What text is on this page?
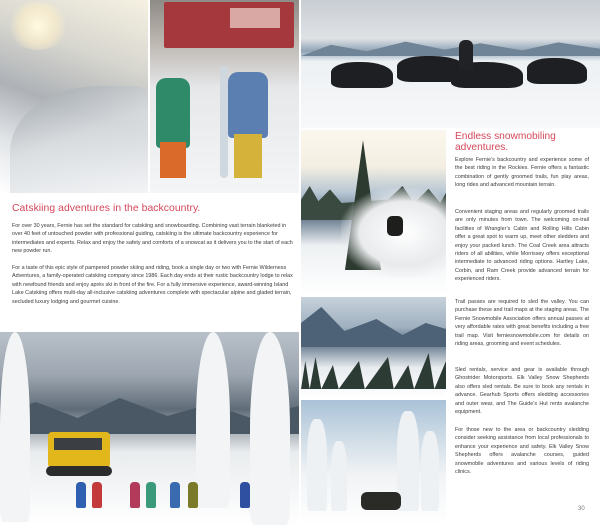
Catskiing adventures in the backcountry.

For over 30 years, Fernie has set the standard for catskiing and snowboarding. Combining vast terrain blanketed in over 40 feet of untouched powder with professional guiding, catskiing is the ultimate backcountry experience for intermediates and experts. Relax and enjoy the safety and comforts of a snowcat as it delivers you to the start of each new powder run.

For a taste of this epic style of pampered powder skiing and riding, book a single day or two with Fernie Wilderness Adventures, a family-operated catskiing company since 1986. Each day ends at their rustic backcountry lodge to relax with newfound friends and enjoy après ski in front of the fire. For a fully immersive experience, award-winning Island Lake Catskiing offers multi-day all-inclusive catskiing adventures complete with spectacular alpine and gladed terrain, secluded luxury lodging and gourmet cuisine.

Endless snowmobiling adventures.

Explore Fernie’s backcountry and experience some of the best riding in the Rockies. Fernie offers a fantastic combination of gently groomed trails, fun play areas, long rides and advanced mountain terrain.

Convenient staging areas and regularly groomed trails are only minutes from town. The welcoming on-trail facilities of Wrangler’s Cabin and Rolling Hills Cabin offer a great spot to warm up, meet other sledders and enjoy your packed lunch. The Coal Creek area attracts riders of all abilities, while Morrissey offers exceptional intermediate to advanced riding options. Hartley Lake, Corbin, and Ram Creek provide advanced terrain for experienced riders.

Trail passes are required to sled the valley. You can purchase these and trail maps at the staging areas. The Fernie Snowmobile Association offers annual passes at very affordable rates with great benefits including a free trail map. Visit ferniesnowmobile.com for details on riding areas, grooming and event schedules.

Sled rentals, service and gear is available through Ghostrider Motorsports. Elk Valley Snow Shepherds also offers sled rentals. Be sure to book any rentals in advance. Gearhub Sports offers sledding accessories and outer wear, and The Guide’s Hut rents avalanche equipment.

For those new to the area or backcountry sledding consider seeking assistance from local professionals to enhance your experience and safety. Elk Valley Snow Shepherds offers avalanche courses, guided snowmobile adventures and various levels of riding clinics.

30
